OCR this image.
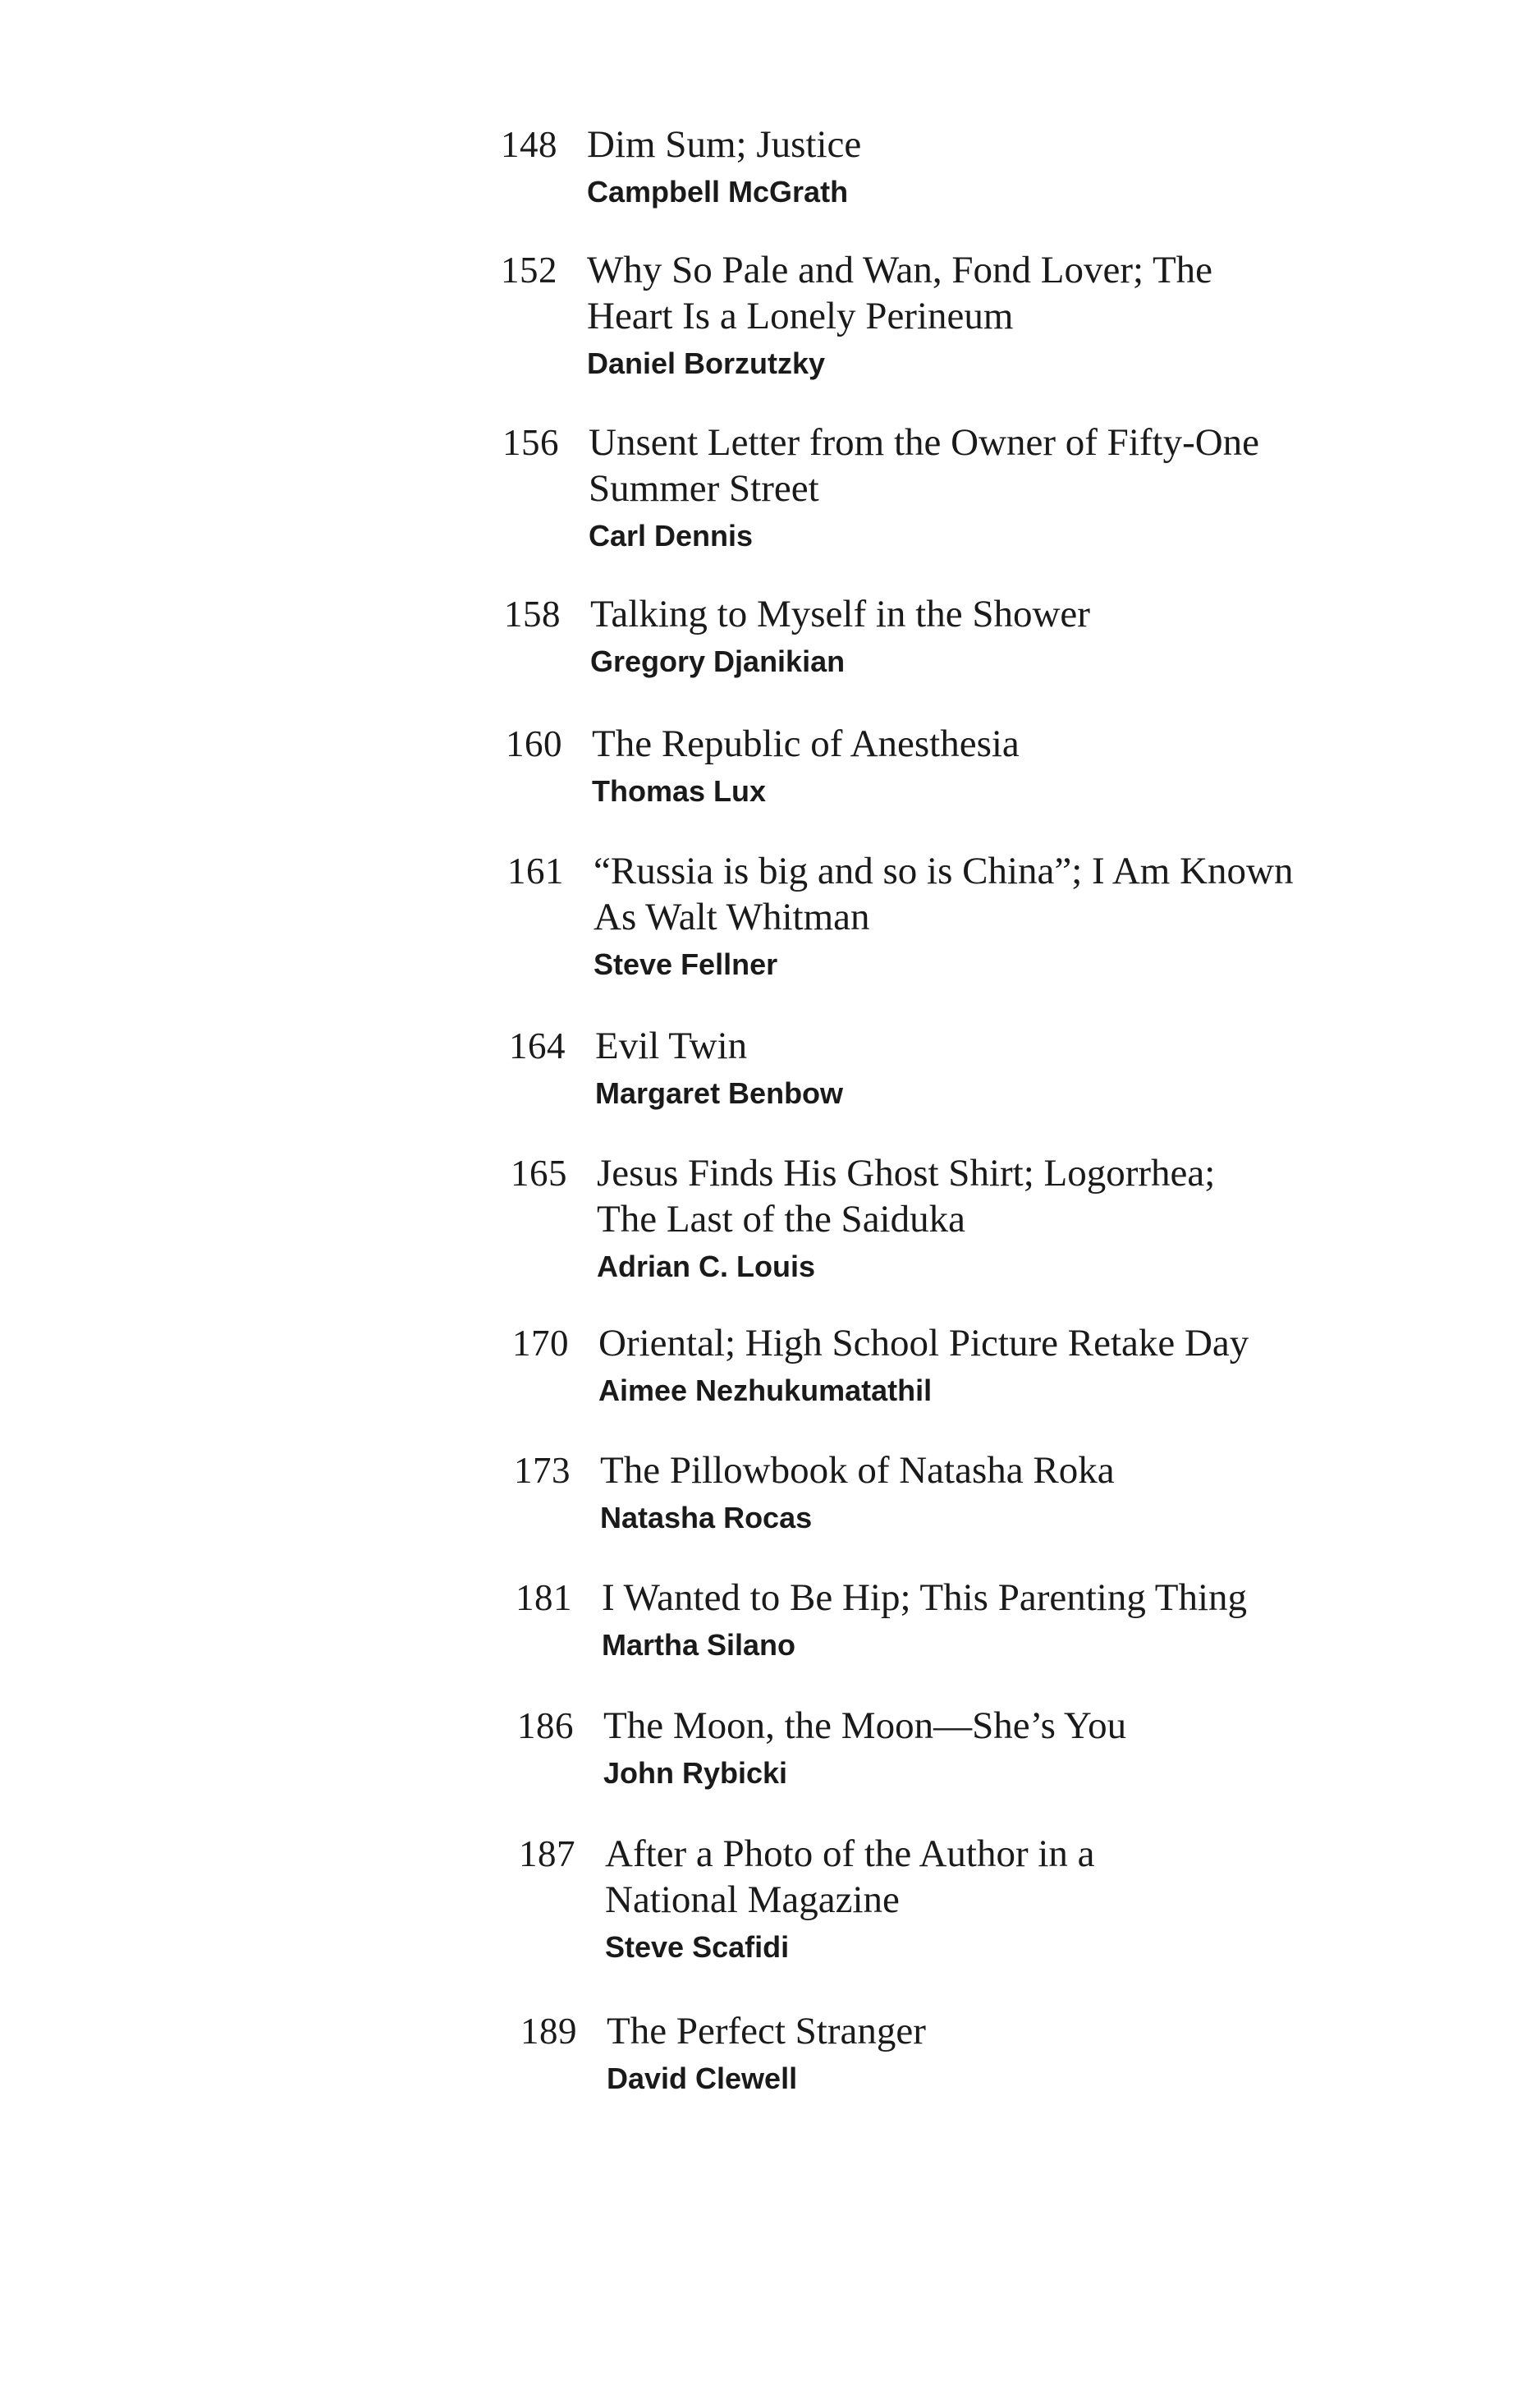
148 Dim Sum; Justice
Campbell McGrath
152 Why So Pale and Wan, Fond Lover; The
Heart Is a Lonely Perineum
Daniel Borzutzky
156 Unsent Letter from the Owner of Fifty-One
Summer Street
Carl Dennis
158 Talking to Myself in the Shower
Gregory Djanikian
160 The Republic of Anesthesia
Thomas Lux
161 “Russia is big and so is China”; I Am Known
As Walt Whitman
Steve Fellner
164 Evil Twin
Margaret Benbow
165 Jesus Finds His Ghost Shirt; Logorrhea;
The Last of the Saiduka
Adrian C. Louis
170 Oriental; High School Picture Retake Day
Aimee Nezhukumatathil
173 The Pillowbook of Natasha Roka
Natasha Rocas
181 I Wanted to Be Hip; This Parenting Thing
Martha Silano
186 The Moon, the Moon—She’s You
John Rybicki
187 After a Photo of the Author in a
National Magazine
Steve Scafidi
189 The Perfect Stranger
David Clewell
